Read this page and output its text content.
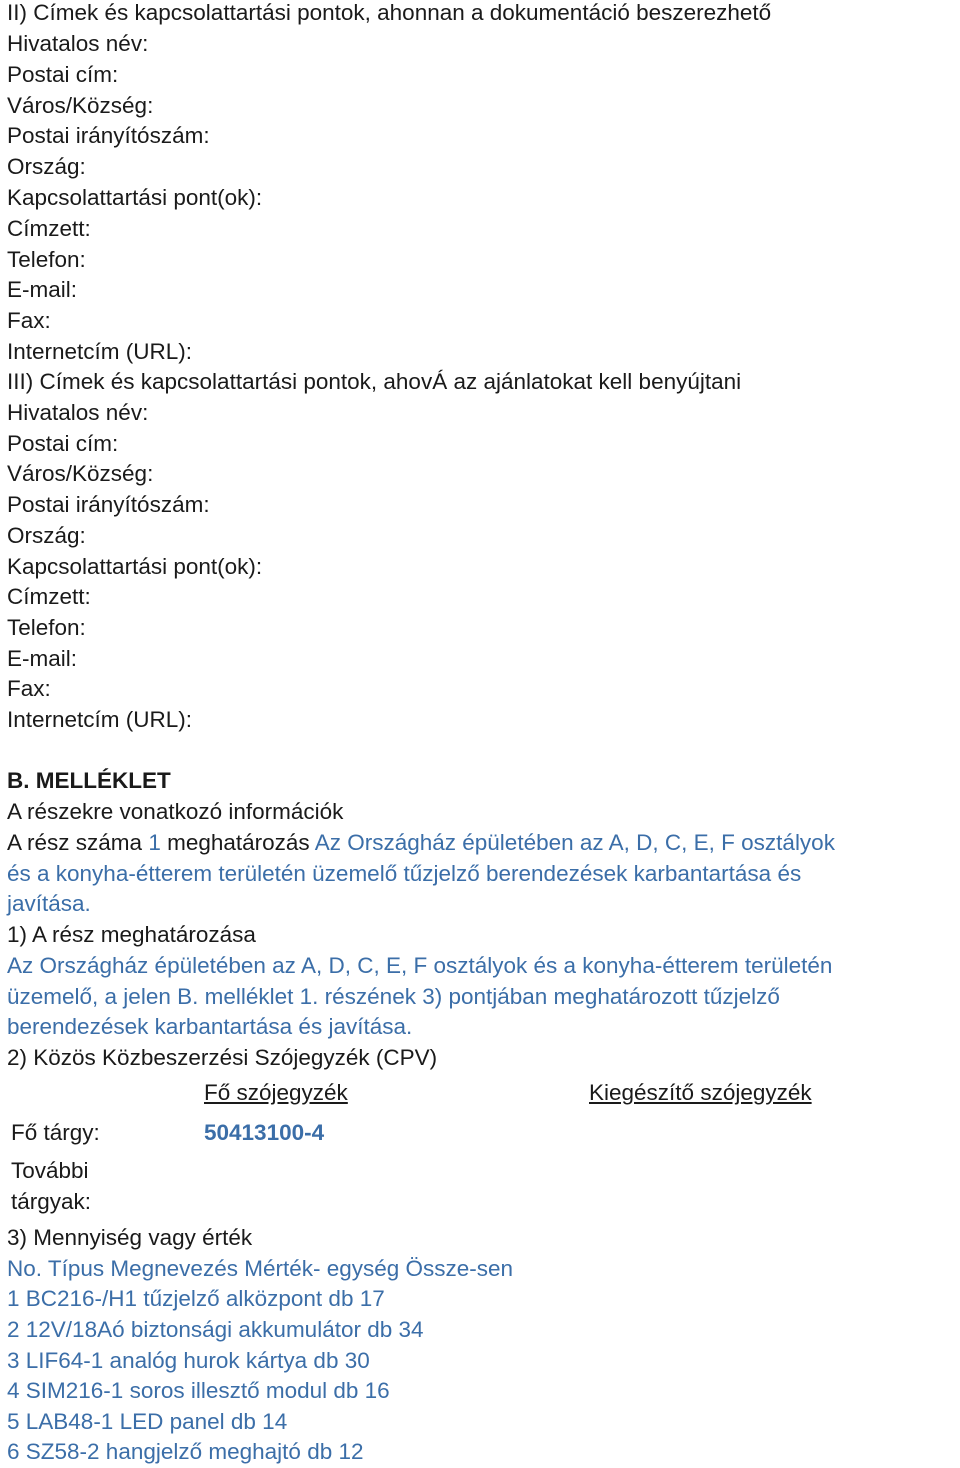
II) Címek és kapcsolattartási pontok, ahonnan a dokumentáció beszerezhető
Hivatalos név:
Postai cím:
Város/Község:
Postai irányítószám:
Ország:
Kapcsolattartási pont(ok):
Címzett:
Telefon:
E-mail:
Fax:
Internetcím (URL):
III) Címek és kapcsolattartási pontok, ahovÁ az ajánlatokat kell benyújtani
Hivatalos név:
Postai cím:
Város/Község:
Postai irányítószám:
Ország:
Kapcsolattartási pont(ok):
Címzett:
Telefon:
E-mail:
Fax:
Internetcím (URL):
B. MELLÉKLET
A részekre vonatkozó információk
A rész száma 1 meghatározás Az Országház épületében az A, D, C, E, F osztályok
és a konyha-étterem területén üzemelő tűzjelző berendezések karbantartása és
javítása.
1) A rész meghatározása
Az Országház épületében az A, D, C, E, F osztályok és a konyha-étterem területén
üzemelő, a jelen B. melléklet 1. részének 3) pontjában meghatározott tűzjelző
berendezések karbantartása és javítása.
2) Közös Közbeszerzési Szójegyzék (CPV)
Fő szójegyzék	Kiegészítő szójegyzék
Fő tárgy:	50413100-4
További
tárgyak:
3) Mennyiség vagy érték
No. Típus Megnevezés Mérték- egység Össze-sen
1 BC216-/H1 tűzjelző alközpont db 17
2 12V/18Aó biztonsági akkumulátor db 34
3 LIF64-1 analóg hurok kártya db 30
4 SIM216-1 soros illesztő modul db 16
5 LAB48-1 LED panel db 14
6 SZ58-2 hangjelző meghajtó db 12
